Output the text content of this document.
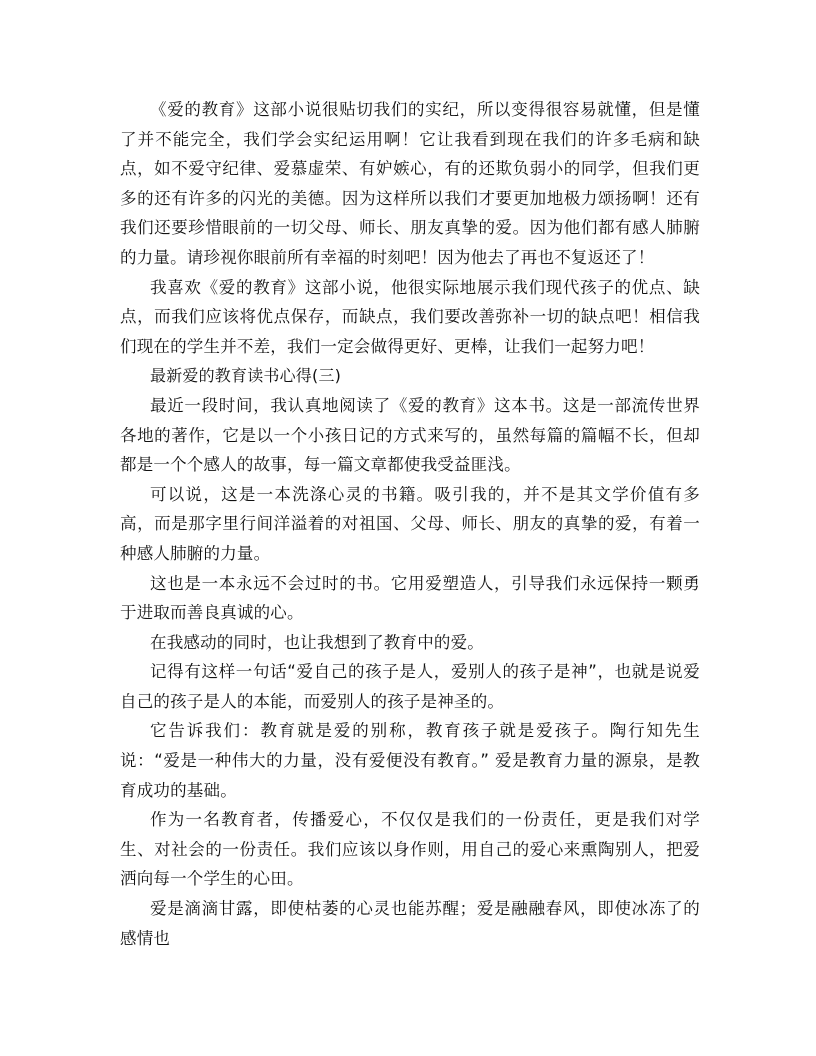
《爱的教育》这部小说很贴切我们的实纪，所以变得很容易就懂，但是懂了并不能完全，我们学会实纪运用啊！它让我看到现在我们的许多毛病和缺点，如不爱守纪律、爱慕虚荣、有妒嫉心，有的还欺负弱小的同学，但我们更多的还有许多的闪光的美德。因为这样所以我们才要更加地极力颂扬啊！还有我们还要珍惜眼前的一切父母、师长、朋友真挚的爱。因为他们都有感人肺腑的力量。请珍视你眼前所有幸福的时刻吧！因为他去了再也不复返还了！

我喜欢《爱的教育》这部小说，他很实际地展示我们现代孩子的优点、缺点，而我们应该将优点保存，而缺点，我们要改善弥补一切的缺点吧！相信我们现在的学生并不差，我们一定会做得更好、更棒，让我们一起努力吧！

最新爱的教育读书心得(三)

最近一段时间，我认真地阅读了《爱的教育》这本书。这是一部流传世界各地的著作，它是以一个小孩日记的方式来写的，虽然每篇的篇幅不长，但却都是一个个感人的故事，每一篇文章都使我受益匪浅。

可以说，这是一本洗涤心灵的书籍。吸引我的，并不是其文学价值有多高，而是那字里行间洋溢着的对祖国、父母、师长、朋友的真挚的爱，有着一种感人肺腑的力量。

这也是一本永远不会过时的书。它用爱塑造人，引导我们永远保持一颗勇于进取而善良真诚的心。

在我感动的同时，也让我想到了教育中的爱。

记得有这样一句话“爱自己的孩子是人，爱别人的孩子是神”，也就是说爱自己的孩子是人的本能，而爱别人的孩子是神圣的。

它告诉我们：教育就是爱的别称，教育孩子就是爱孩子。陶行知先生说：“爱是一种伟大的力量，没有爱便没有教育。” 爱是教育力量的源泉，是教育成功的基础。

作为一名教育者，传播爱心，不仅仅是我们的一份责任，更是我们对学生、对社会的一份责任。我们应该以身作则，用自己的爱心来熏陶别人，把爱洒向每一个学生的心田。

爱是滴滴甘露，即使枯萎的心灵也能苏醒；爱是融融春风，即使冰冻了的感情也
